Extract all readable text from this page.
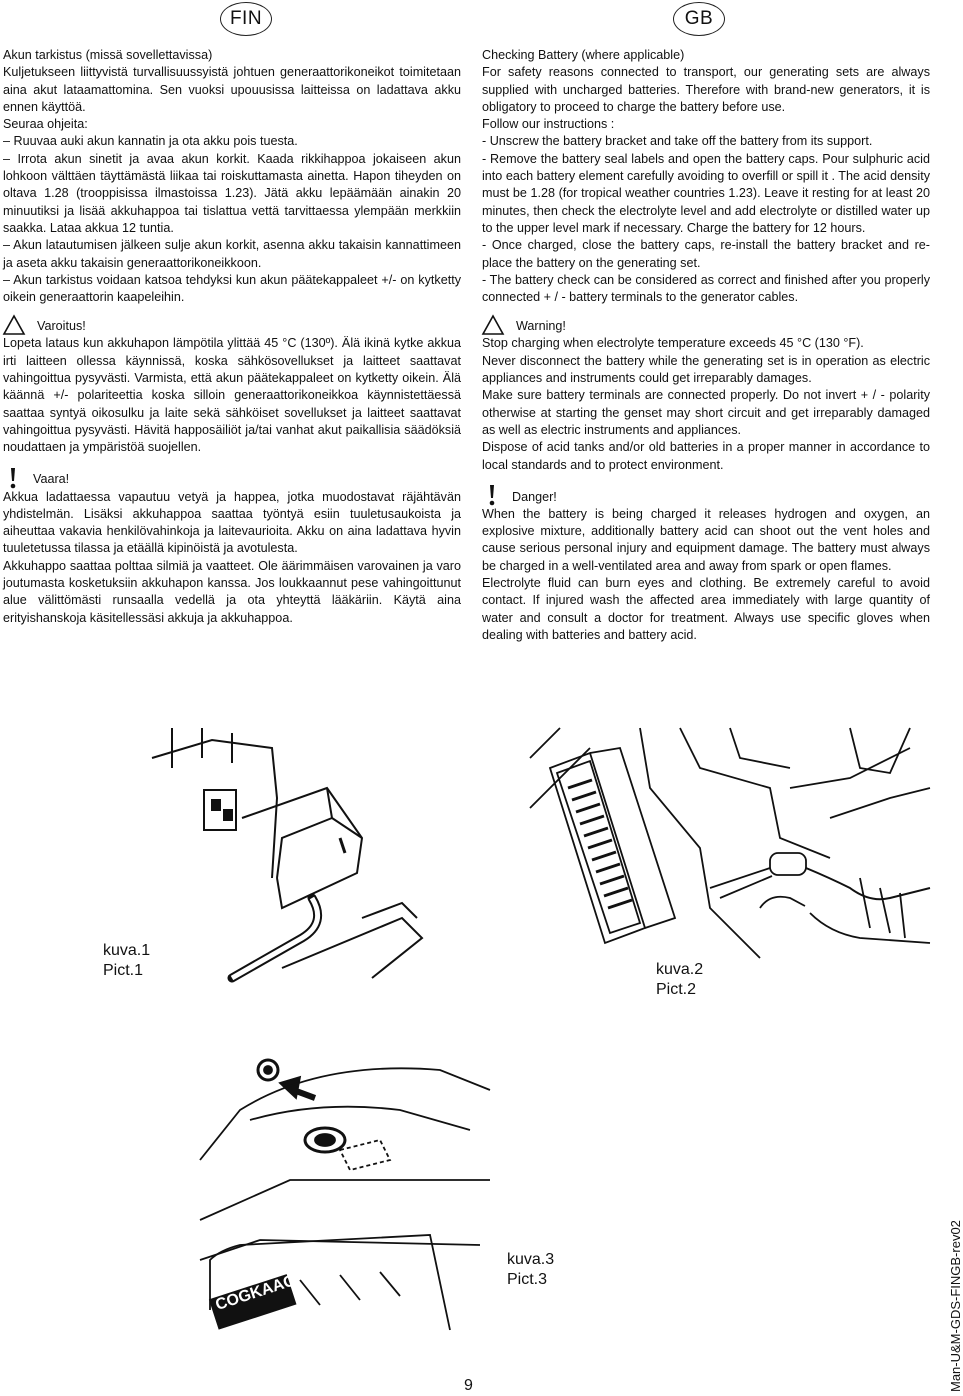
FIN	GB

Akun tarkistus (missä sovellettavissa)

Kuljetukseen liittyvistä turvallisuussyistä johtuen generaattorikoneikot toimitetaan aina akut lataamattomina. Sen vuoksi upouusissa laitteissa on ladattava akku ennen käyttöä.

Seuraa ohjeita:

– Ruuvaa auki akun kannatin ja ota akku pois tuesta.

– Irrota akun sinetit ja avaa akun korkit. Kaada rikkihappoa jokaiseen akun lohkoon välttäen täyttämästä liikaa tai roiskuttamasta ainetta. Hapon tiheyden on oltava 1.28 (trooppisissa ilmastoissa 1.23). Jätä akku lepäämään ainakin 20 minuutiksi ja lisää akkuhappoa tai tislattua vettä tarvittaessa ylempään merkkiin saakka. Lataa akkua 12 tuntia.

– Akun latautumisen jälkeen sulje akun korkit, asenna akku takaisin kannattimeen ja aseta akku takaisin generaattorikoneikkoon.

– Akun tarkistus voidaan katsoa tehdyksi kun akun päätekappaleet +/- on kytketty oikein generaattorin kaapeleihin.

Varoitus!

Lopeta lataus kun akkuhapon lämpötila ylittää 45 °C (130º). Älä ikinä kytke akkua irti laitteen ollessa käynnissä, koska sähkösovellukset ja laitteet saattavat vahingoittua pysyvästi. Varmista, että akun päätekappaleet on kytketty oikein. Älä käännä +/- polariteettia koska silloin generaattorikoneikkoa käynnistettäessä saattaa syntyä oikosulku ja laite sekä sähköiset sovellukset ja laitteet saattavat vahingoittua pysyvästi. Hävitä happosäiliöt ja/tai vanhat akut paikallisia säädöksiä noudattaen ja ympäristöä suojellen.

Vaara!

Akkua ladattaessa vapautuu vetyä ja happea, jotka muodostavat räjähtävän yhdistelmän. Lisäksi akkuhappoa saattaa työntyä esiin tuuletusaukoista ja aiheuttaa vakavia henkilövahinkoja ja laitevaurioita. Akku on aina ladattava hyvin tuuletetussa tilassa ja etäällä kipinöistä ja avotulesta.

Akkuhappo saattaa polttaa silmiä ja vaatteet. Ole äärimmäisen varovainen ja varo joutumasta kosketuksiin akkuhapon kanssa. Jos loukkaannut pese vahingoittunut alue välittömästi runsaalla vedellä ja ota yhteyttä lääkäriin. Käytä aina erityishanskoja käsitellessäsi akkuja ja akkuhappoa.

Checking Battery (where applicable)

For safety reasons connected to transport, our generating sets are always supplied with uncharged batteries. Therefore with brand-new generators, it is obligatory to proceed to charge the battery before use.

Follow our instructions :

- Unscrew the battery bracket and take off the battery from its support.

- Remove the battery seal labels and open the battery caps. Pour sulphuric acid into each battery element carefully avoiding to overfill or spill it . The acid density must be 1.28 (for tropical weather countries 1.23). Leave it resting for at least 20 minutes, then check the electrolyte level and add electrolyte or distilled water up to the upper level mark if necessary. Charge the battery for 12 hours.

- Once charged, close the battery caps, re-install the battery bracket and re-place the battery on the generating set.

- The battery check can be considered as correct and finished after you properly connected + / - battery terminals to the generator cables.

Warning!

Stop charging when electrolyte temperature exceeds 45 °C (130 °F).

Never disconnect the battery while the generating set is in operation as electric appliances and instruments could get irreparably damages.

Make sure battery terminals are connected properly. Do not invert + / - polarity otherwise at starting the genset may short circuit and get irreparably damaged as well as electric instruments and appliances.

Dispose of acid tanks and/or old batteries in a proper manner in accordance to local standards and to protect environment.

Danger!

When the battery is being charged it releases hydrogen and oxygen, an explosive mixture, additionally battery acid can shoot out the vent holes and cause serious personal injury and equipment damage. The battery must always be charged in a well-ventilated area and away from spark or open flames.

Electrolyte fluid can burn eyes and clothing. Be extremely careful to avoid contact. If injured wash the affected area immediately with large quantity of water and consult a doctor for treatment. Always use specific gloves when dealing with batteries and battery acid.

COGKAAC
kuva.1
Pict.1	kuva.2
Pict.2
kuva.3
Pict.3
9	Man-U&M-GDS-FINGB-rev02
